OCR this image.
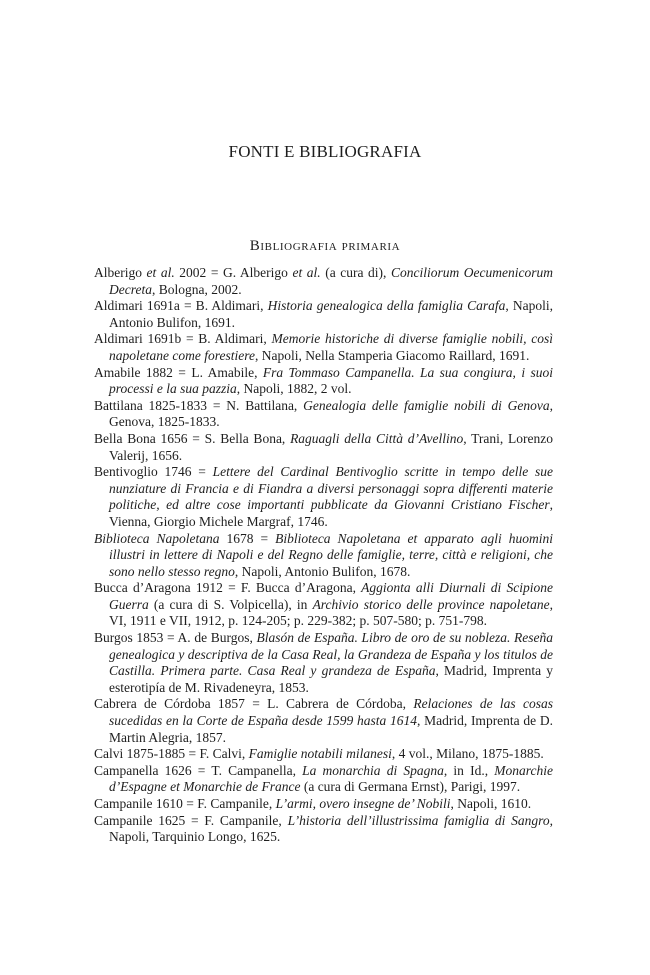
FONTI E BIBLIOGRAFIA
Bibliografia primaria
Alberigo et al. 2002 = G. Alberigo et al. (a cura di), Conciliorum Oecumenicorum Decreta, Bologna, 2002.
Aldimari 1691a = B. Aldimari, Historia genealogica della famiglia Carafa, Napoli, Antonio Bulifon, 1691.
Aldimari 1691b = B. Aldimari, Memorie historiche di diverse famiglie nobili, così napoletane come forestiere, Napoli, Nella Stamperia Giacomo Raillard, 1691.
Amabile 1882 = L. Amabile, Fra Tommaso Campanella. La sua congiura, i suoi processi e la sua pazzia, Napoli, 1882, 2 vol.
Battilana 1825-1833 = N. Battilana, Genealogia delle famiglie nobili di Genova, Genova, 1825-1833.
Bella Bona 1656 = S. Bella Bona, Raguagli della Città d’Avellino, Trani, Lorenzo Valerij, 1656.
Bentivoglio 1746 = Lettere del Cardinal Bentivoglio scritte in tempo delle sue nunziature di Francia e di Fiandra a diversi personaggi sopra differenti materie politiche, ed altre cose importanti pubblicate da Giovanni Cristiano Fischer, Vienna, Giorgio Michele Margraf, 1746.
Biblioteca Napoletana 1678 = Biblioteca Napoletana et apparato agli huomini illustri in lettere di Napoli e del Regno delle famiglie, terre, città e religioni, che sono nello stesso regno, Napoli, Antonio Bulifon, 1678.
Bucca d’Aragona 1912 = F. Bucca d’Aragona, Aggionta alli Diurnali di Scipione Guerra (a cura di S. Volpicella), in Archivio storico delle province napoletane, VI, 1911 e VII, 1912, p. 124-205; p. 229-382; p. 507-580; p. 751-798.
Burgos 1853 = A. de Burgos, Blasón de España. Libro de oro de su nobleza. Reseña genealogica y descriptiva de la Casa Real, la Grandeza de España y los titulos de Castilla. Primera parte. Casa Real y grandeza de España, Madrid, Imprenta y esterotipía de M. Rivadeneyra, 1853.
Cabrera de Córdoba 1857 = L. Cabrera de Córdoba, Relaciones de las cosas sucedidas en la Corte de España desde 1599 hasta 1614, Madrid, Imprenta de D. Martin Alegria, 1857.
Calvi 1875-1885 = F. Calvi, Famiglie notabili milanesi, 4 vol., Milano, 1875-1885.
Campanella 1626 = T. Campanella, La monarchia di Spagna, in Id., Monarchie d’Espagne et Monarchie de France (a cura di Germana Ernst), Parigi, 1997.
Campanile 1610 = F. Campanile, L’armi, overo insegne de’ Nobili, Napoli, 1610.
Campanile 1625 = F. Campanile, L’historia dell’illustrissima famiglia di Sangro, Napoli, Tarquinio Longo, 1625.
